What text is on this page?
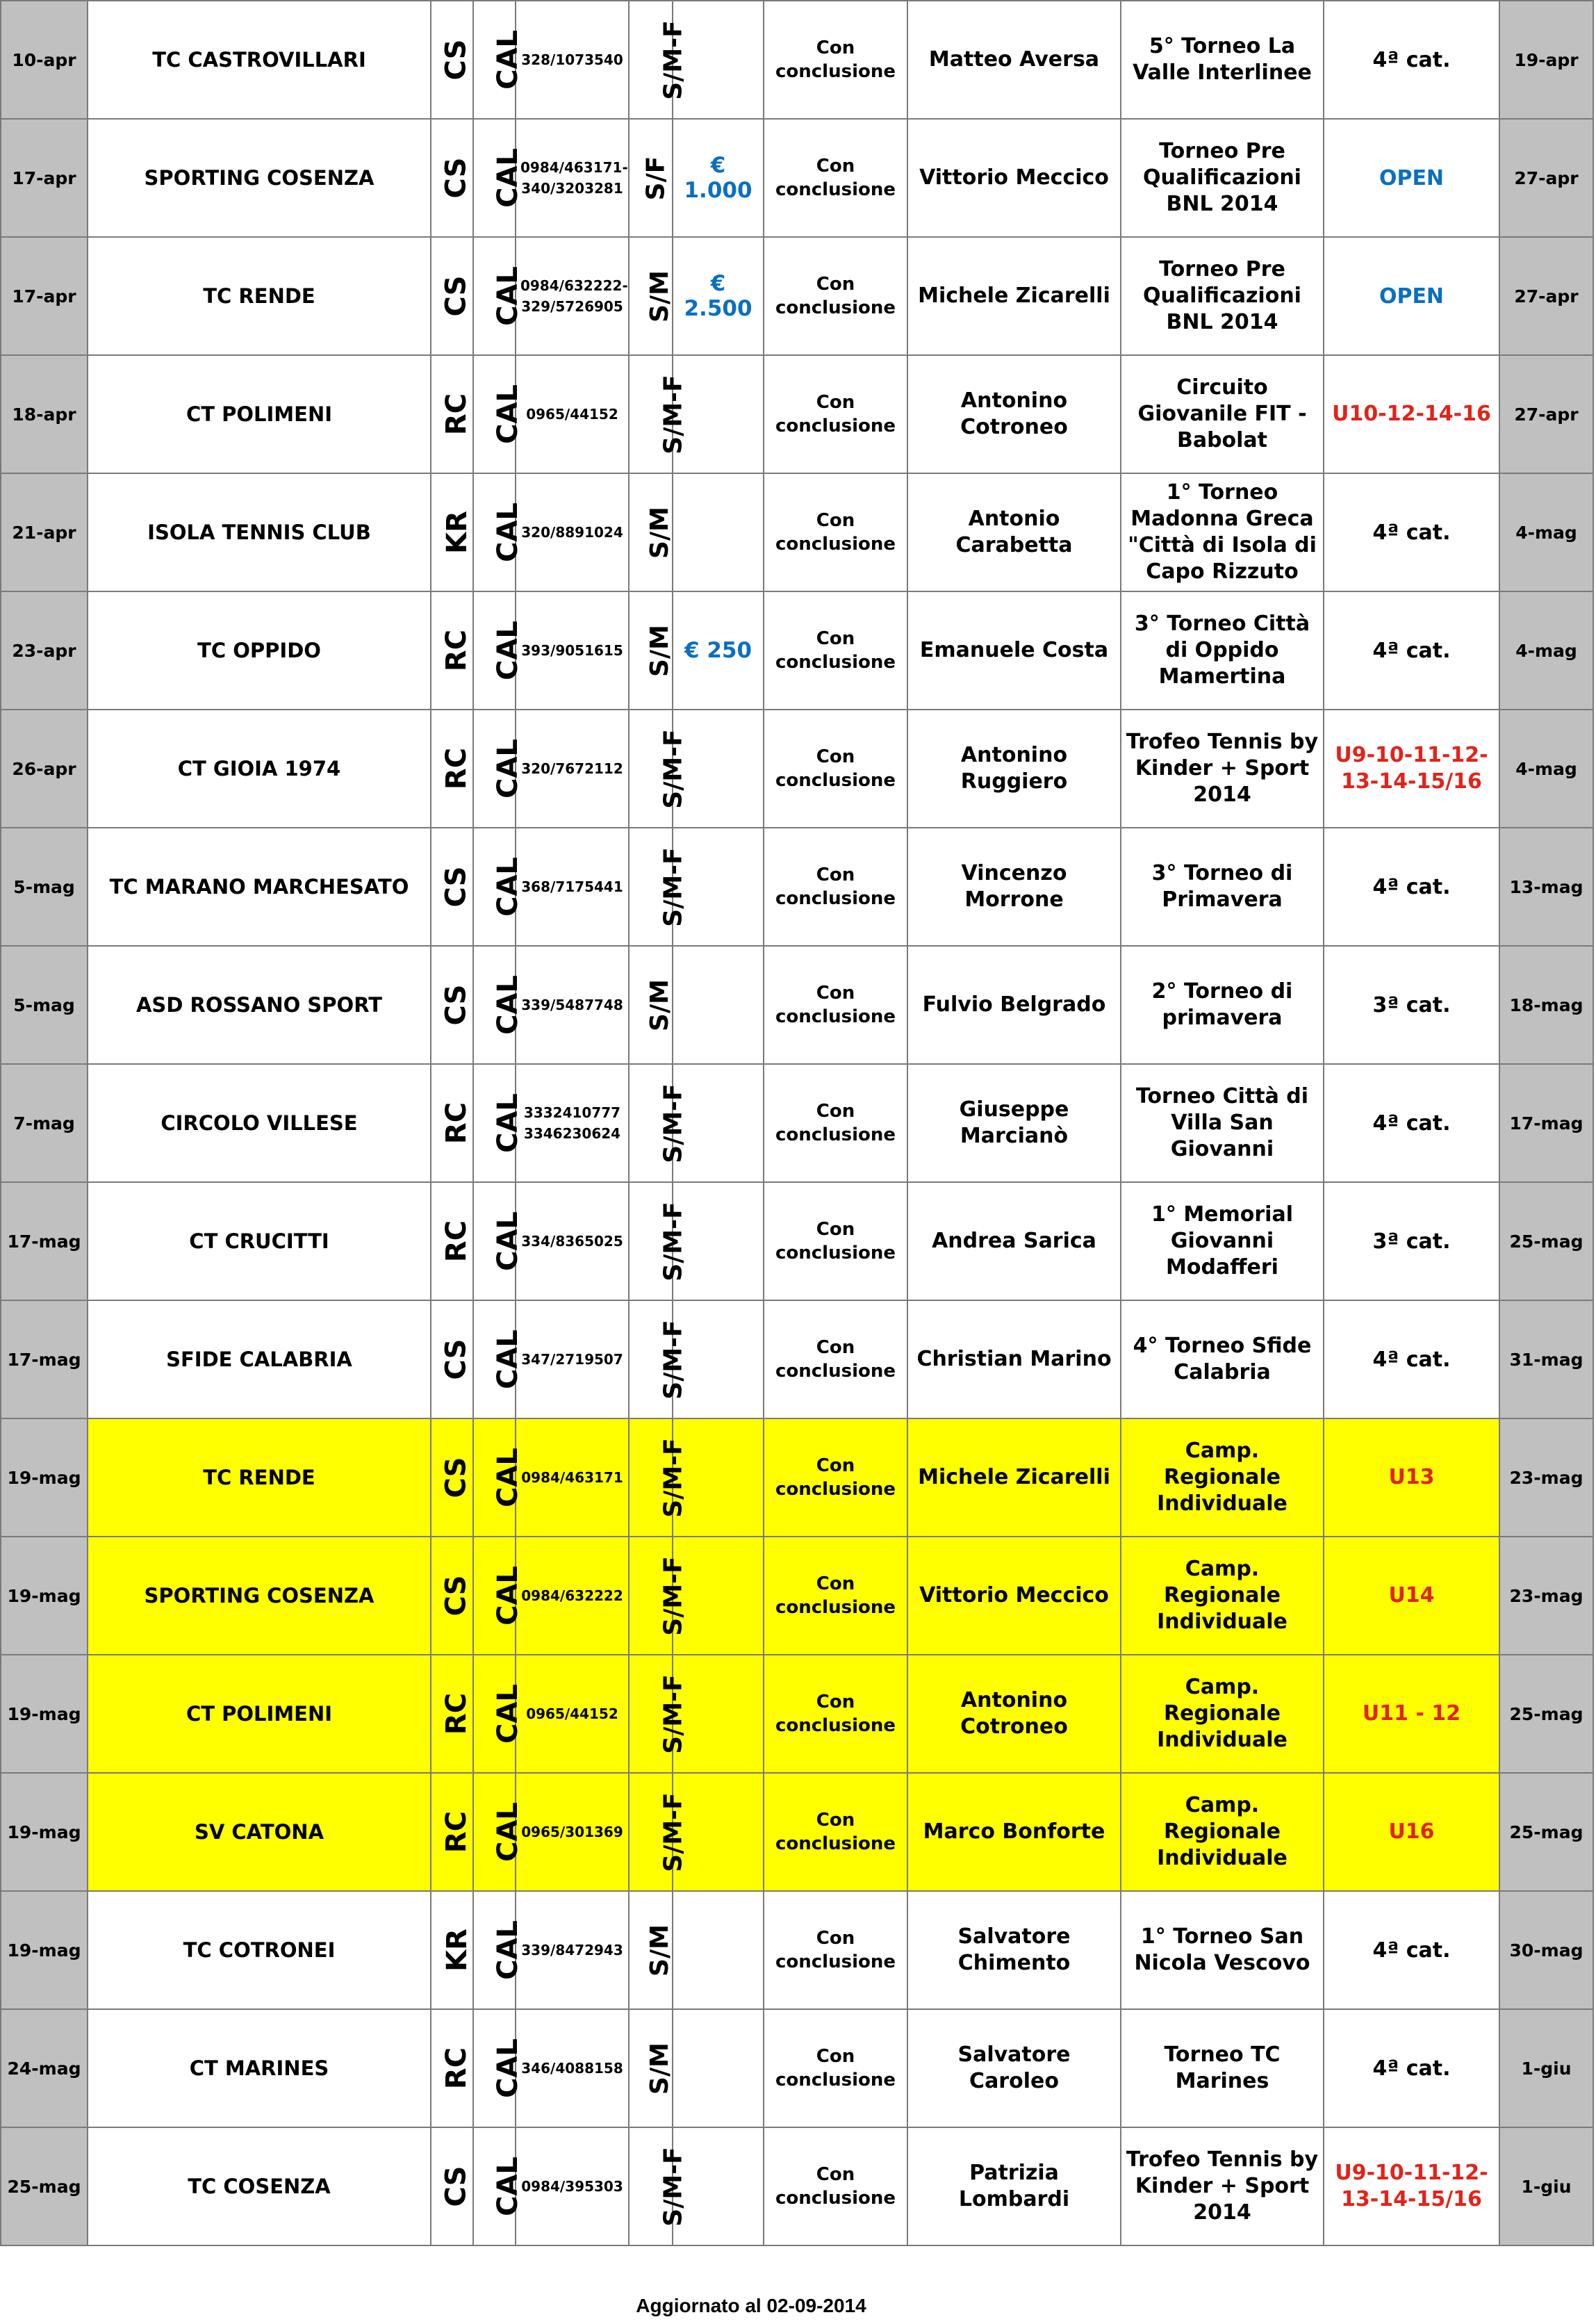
10-apr	TC CASTROVILLARI	CS	CAL	328/1073540	S/M-F		Con conclusione	Matteo Aversa	5° Torneo La Valle Interlinee	4ª cat.	19-apr
17-apr	SPORTING COSENZA	CS	CAL	0984/463171-340/3203281	S/F	€ 1.000	Con conclusione	Vittorio Meccico	Torneo Pre Qualificazioni BNL 2014	OPEN	27-apr
17-apr	TC RENDE	CS	CAL	0984/632222-329/5726905	S/M	€ 2.500	Con conclusione	Michele Zicarelli	Torneo Pre Qualificazioni BNL 2014	OPEN	27-apr
18-apr	CT POLIMENI	RC	CAL	0965/44152	S/M-F		Con conclusione	Antonino Cotroneo	Circuito Giovanile FIT - Babolat	U10-12-14-16	27-apr
21-apr	ISOLA TENNIS CLUB	KR	CAL	320/8891024	S/M		Con conclusione	Antonio Carabetta	1° Torneo Madonna Greca "Città di Isola di Capo Rizzuto	4ª cat.	4-mag
23-apr	TC OPPIDO	RC	CAL	393/9051615	S/M	€ 250	Con conclusione	Emanuele Costa	3° Torneo Città di Oppido Mamertina	4ª cat.	4-mag
26-apr	CT GIOIA 1974	RC	CAL	320/7672112	S/M-F		Con conclusione	Antonino Ruggiero	Trofeo Tennis by Kinder + Sport 2014	U9-10-11-12-13-14-15/16	4-mag
5-mag	TC MARANO MARCHESATO	CS	CAL	368/7175441	S/M-F		Con conclusione	Vincenzo Morrone	3° Torneo di Primavera	4ª cat.	13-mag
5-mag	ASD ROSSANO SPORT	CS	CAL	339/5487748	S/M		Con conclusione	Fulvio Belgrado	2° Torneo di primavera	3ª cat.	18-mag
7-mag	CIRCOLO VILLESE	RC	CAL	3332410777 3346230624	S/M-F		Con conclusione	Giuseppe Marcianò	Torneo Città di Villa San Giovanni	4ª cat.	17-mag
17-mag	CT CRUCITTI	RC	CAL	334/8365025	S/M-F		Con conclusione	Andrea Sarica	1° Memorial Giovanni Modafferi	3ª cat.	25-mag
17-mag	SFIDE CALABRIA	CS	CAL	347/2719507	S/M-F		Con conclusione	Christian Marino	4° Torneo Sfide Calabria	4ª cat.	31-mag
19-mag	TC RENDE	CS	CAL	0984/463171	S/M-F		Con conclusione	Michele Zicarelli	Camp. Regionale Individuale	U13	23-mag
19-mag	SPORTING COSENZA	CS	CAL	0984/632222	S/M-F		Con conclusione	Vittorio Meccico	Camp. Regionale Individuale	U14	23-mag
19-mag	CT POLIMENI	RC	CAL	0965/44152	S/M-F		Con conclusione	Antonino Cotroneo	Camp. Regionale Individuale	U11 - 12	25-mag
19-mag	SV CATONA	RC	CAL	0965/301369	S/M-F		Con conclusione	Marco Bonforte	Camp. Regionale Individuale	U16	25-mag
19-mag	TC COTRONEI	KR	CAL	339/8472943	S/M		Con conclusione	Salvatore Chimento	1° Torneo San Nicola Vescovo	4ª cat.	30-mag
24-mag	CT MARINES	RC	CAL	346/4088158	S/M		Con conclusione	Salvatore Caroleo	Torneo TC Marines	4ª cat.	1-giu
25-mag	TC COSENZA	CS	CAL	0984/395303	S/M-F		Con conclusione	Patrizia Lombardi	Trofeo Tennis by Kinder + Sport 2014	U9-10-11-12-13-14-15/16	1-giu
Aggiornato al 02-09-2014
